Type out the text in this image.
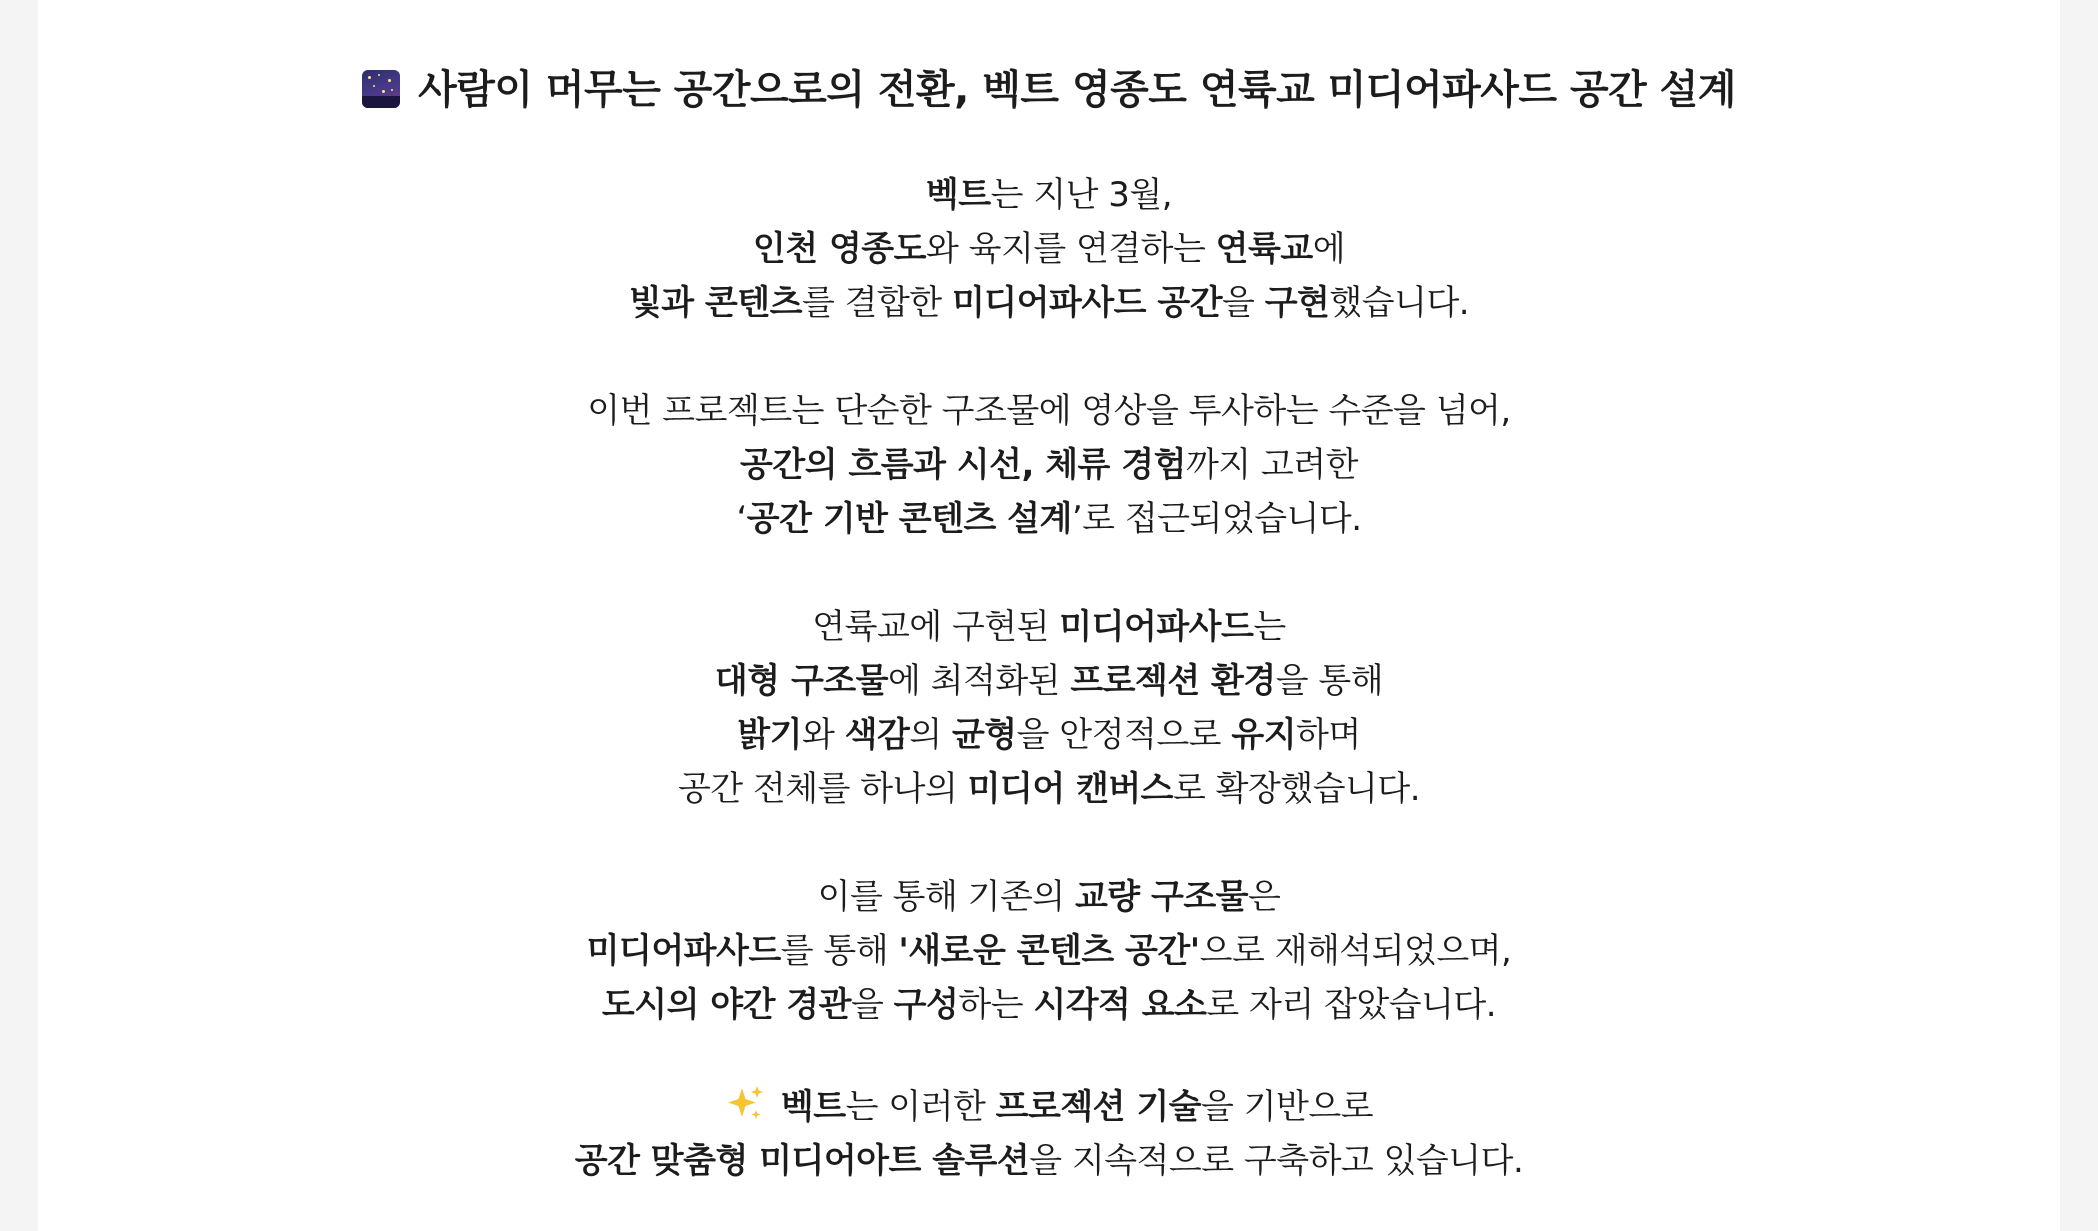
사람이 머무는 공간으로의 전환, 벡트 영종도 연륙교 미디어파사드 공간 설계
벡트는 지난 3월,
인천 영종도와 육지를 연결하는 연륙교에
빛과 콘텐츠를 결합한 미디어파사드 공간을 구현했습니다.
이번 프로젝트는 단순한 구조물에 영상을 투사하는 수준을 넘어,
공간의 흐름과 시선, 체류 경험까지 고려한
‘공간 기반 콘텐츠 설계’로 접근되었습니다.
연륙교에 구현된 미디어파사드는
대형 구조물에 최적화된 프로젝션 환경을 통해
밝기와 색감의 균형을 안정적으로 유지하며
공간 전체를 하나의 미디어 캔버스로 확장했습니다.
이를 통해 기존의 교량 구조물은
미디어파사드를 통해 '새로운 콘텐츠 공간'으로 재해석되었으며,
도시의 야간 경관을 구성하는 시각적 요소로 자리 잡았습니다.
벡트는 이러한 프로젝션 기술을 기반으로
공간 맞춤형 미디어아트 솔루션을 지속적으로 구축하고 있습니다.
